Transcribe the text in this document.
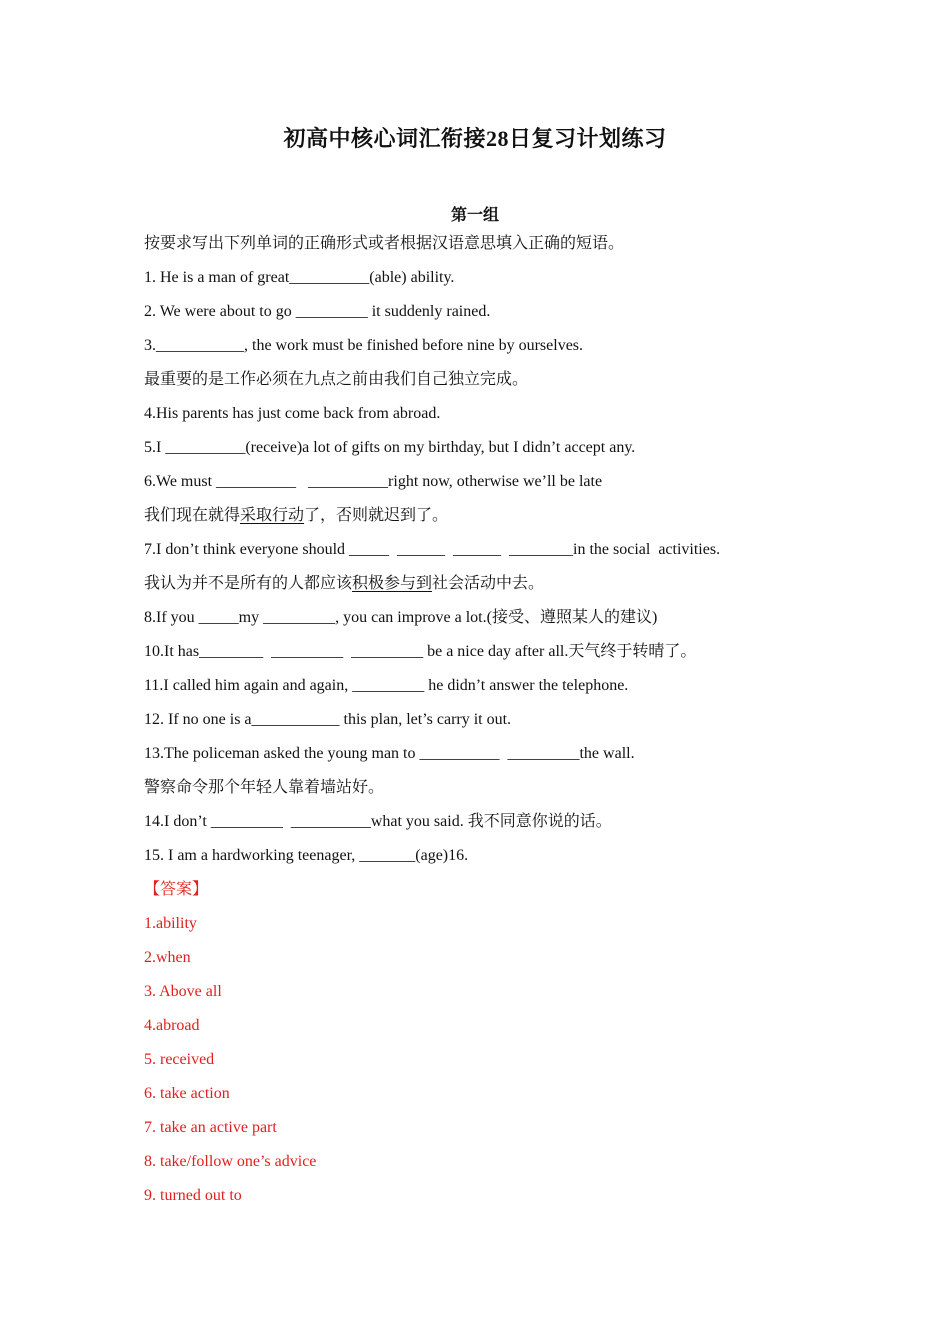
初高中核心词汇衔接28日复习计划练习
第一组
按要求写出下列单词的正确形式或者根据汉语意思填入正确的短语。
1. He is a man of great__________(able) ability.
2. We were about to go _________ it suddenly rained.
3.___________, the work must be finished before nine by ourselves.
最重要的是工作必须在九点之前由我们自己独立完成。
4.His parents has just come back from abroad.
5.I __________(receive)a lot of gifts on my birthday, but I didn’t accept any.
6.We must __________   __________right now, otherwise we’ll be late
我们现在就得采取行动了，否则就迟到了。
7.I don’t think everyone should _____  ______  ______  ________in the social  activities.
我认为并不是所有的人都应该积极参与到社会活动中去。
8.If you _____my _________, you can improve a lot.(接受、遵照某人的建议)
10.It has________  _________  _________ be a nice day after all.天气终于转晴了。
11.I called him again and again, _________ he didn’t answer the telephone.
12. If no one is a___________ this plan, let’s carry it out.
13.The policeman asked the young man to __________  _________the wall.
警察命令那个年轻人靠着墙站好。
14.I don’t _________  __________what you said. 我不同意你说的话。
15. I am a hardworking teenager, _______(age)16.
【答案】
1.ability
2.when
3. Above all
4.abroad
5. received
6. take action
7. take an active part
8. take/follow one’s advice
9. turned out to
